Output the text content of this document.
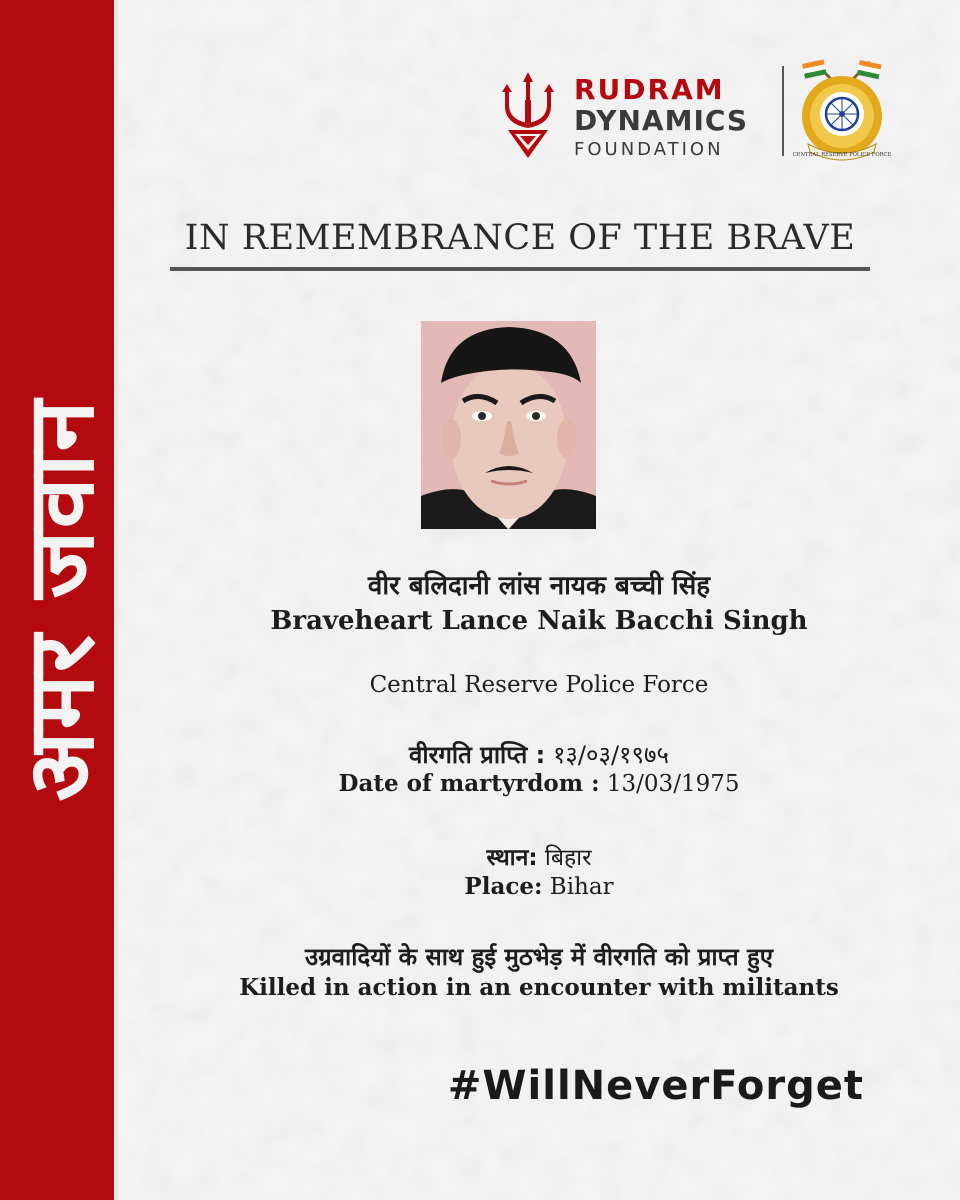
अमर जवान
RUDRAM
DYNAMICS
FOUNDATION	CENTRAL RESERVE POLICE FORCE
IN REMEMBRANCE OF THE BRAVE
वीर बलिदानी लांस नायक बच्ची सिंह
Braveheart Lance Naik Bacchi Singh
Central Reserve Police Force
वीरगति प्राप्ति : १३/०३/१९७५
Date of martyrdom : 13/03/1975
स्थान: बिहार
Place: Bihar
उग्रवादियों के साथ हुई मुठभेड़ में वीरगति को प्राप्त हुए
Killed in action in an encounter with militants
#WillNeverForget
